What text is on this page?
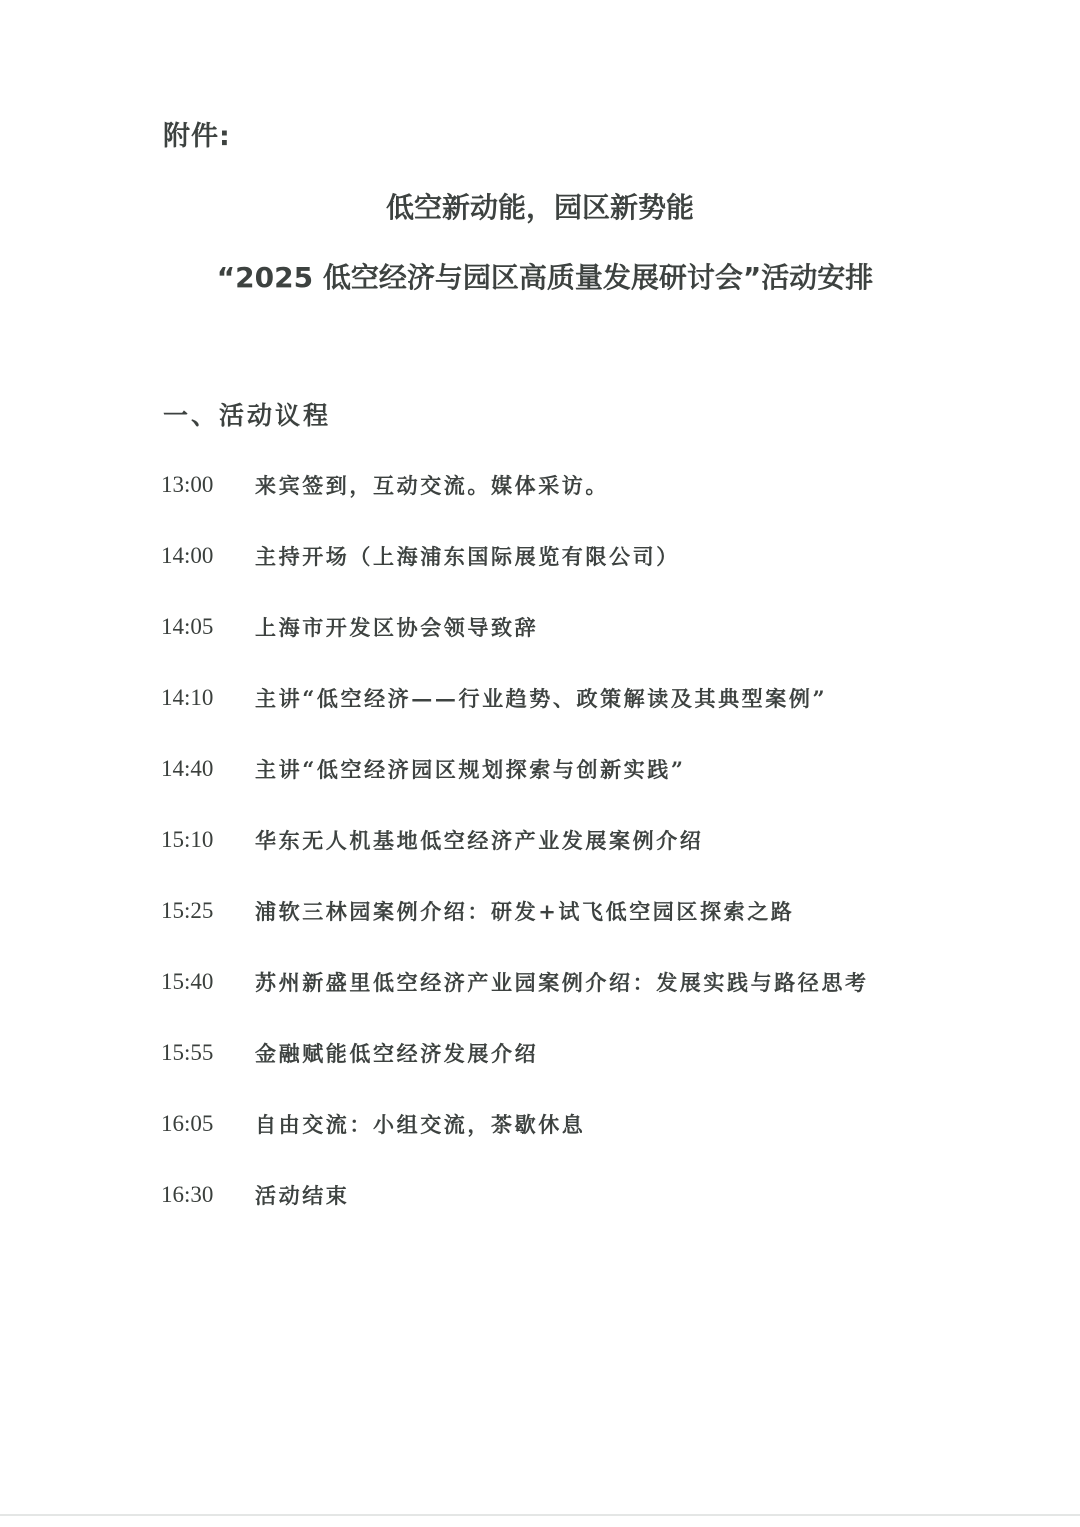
附件:
低空新动能，园区新势能
“2025 低空经济与园区高质量发展研讨会”活动安排
一、活动议程
13:00	来宾签到，互动交流。媒体采访。
14:00	主持开场（上海浦东国际展览有限公司）
14:05	上海市开发区协会领导致辞
14:10	主讲“低空经济——行业趋势、政策解读及其典型案例”
14:40	主讲“低空经济园区规划探索与创新实践”
15:10	华东无人机基地低空经济产业发展案例介绍
15:25	浦软三林园案例介绍：研发+试飞低空园区探索之路
15:40	苏州新盛里低空经济产业园案例介绍：发展实践与路径思考
15:55	金融赋能低空经济发展介绍
16:05	自由交流：小组交流，茶歇休息
16:30	活动结束
